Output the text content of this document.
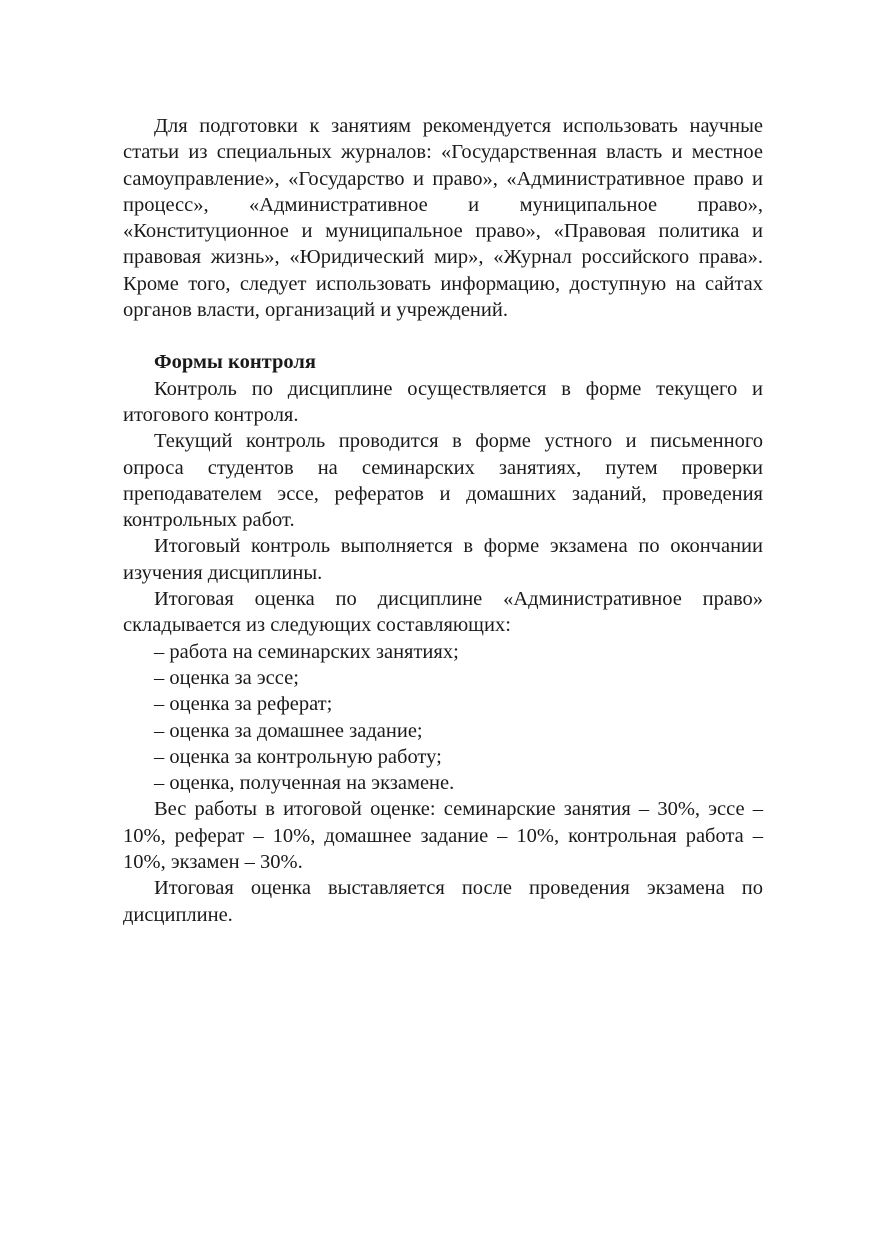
Для подготовки к занятиям рекомендуется использовать научные статьи из специальных журналов: «Государственная власть и местное самоуправление», «Государство и право», «Административное право и процесс», «Административное и муниципальное право», «Конституционное и муниципальное право», «Правовая политика и правовая жизнь», «Юридический мир», «Журнал российского права». Кроме того, следует использовать информацию, доступную на сайтах органов власти, организаций и учреждений.

Формы контроля

Контроль по дисциплине осуществляется в форме текущего и итогового контроля.

Текущий контроль проводится в форме устного и письменного опроса студентов на семинарских занятиях, путем проверки преподавателем эссе, рефератов и домашних заданий, проведения контрольных работ.

Итоговый контроль выполняется в форме экзамена по окончании изучения дисциплины.

Итоговая оценка по дисциплине «Административное право» складывается из следующих составляющих:

– работа на семинарских занятиях;
– оценка за эссе;
– оценка за реферат;
– оценка за домашнее задание;
– оценка за контрольную работу;
– оценка, полученная на экзамене.

Вес работы в итоговой оценке: семинарские занятия – 30%, эссе – 10%, реферат – 10%, домашнее задание – 10%, контрольная работа – 10%, экзамен – 30%.

Итоговая оценка выставляется после проведения экзамена по дисциплине.
